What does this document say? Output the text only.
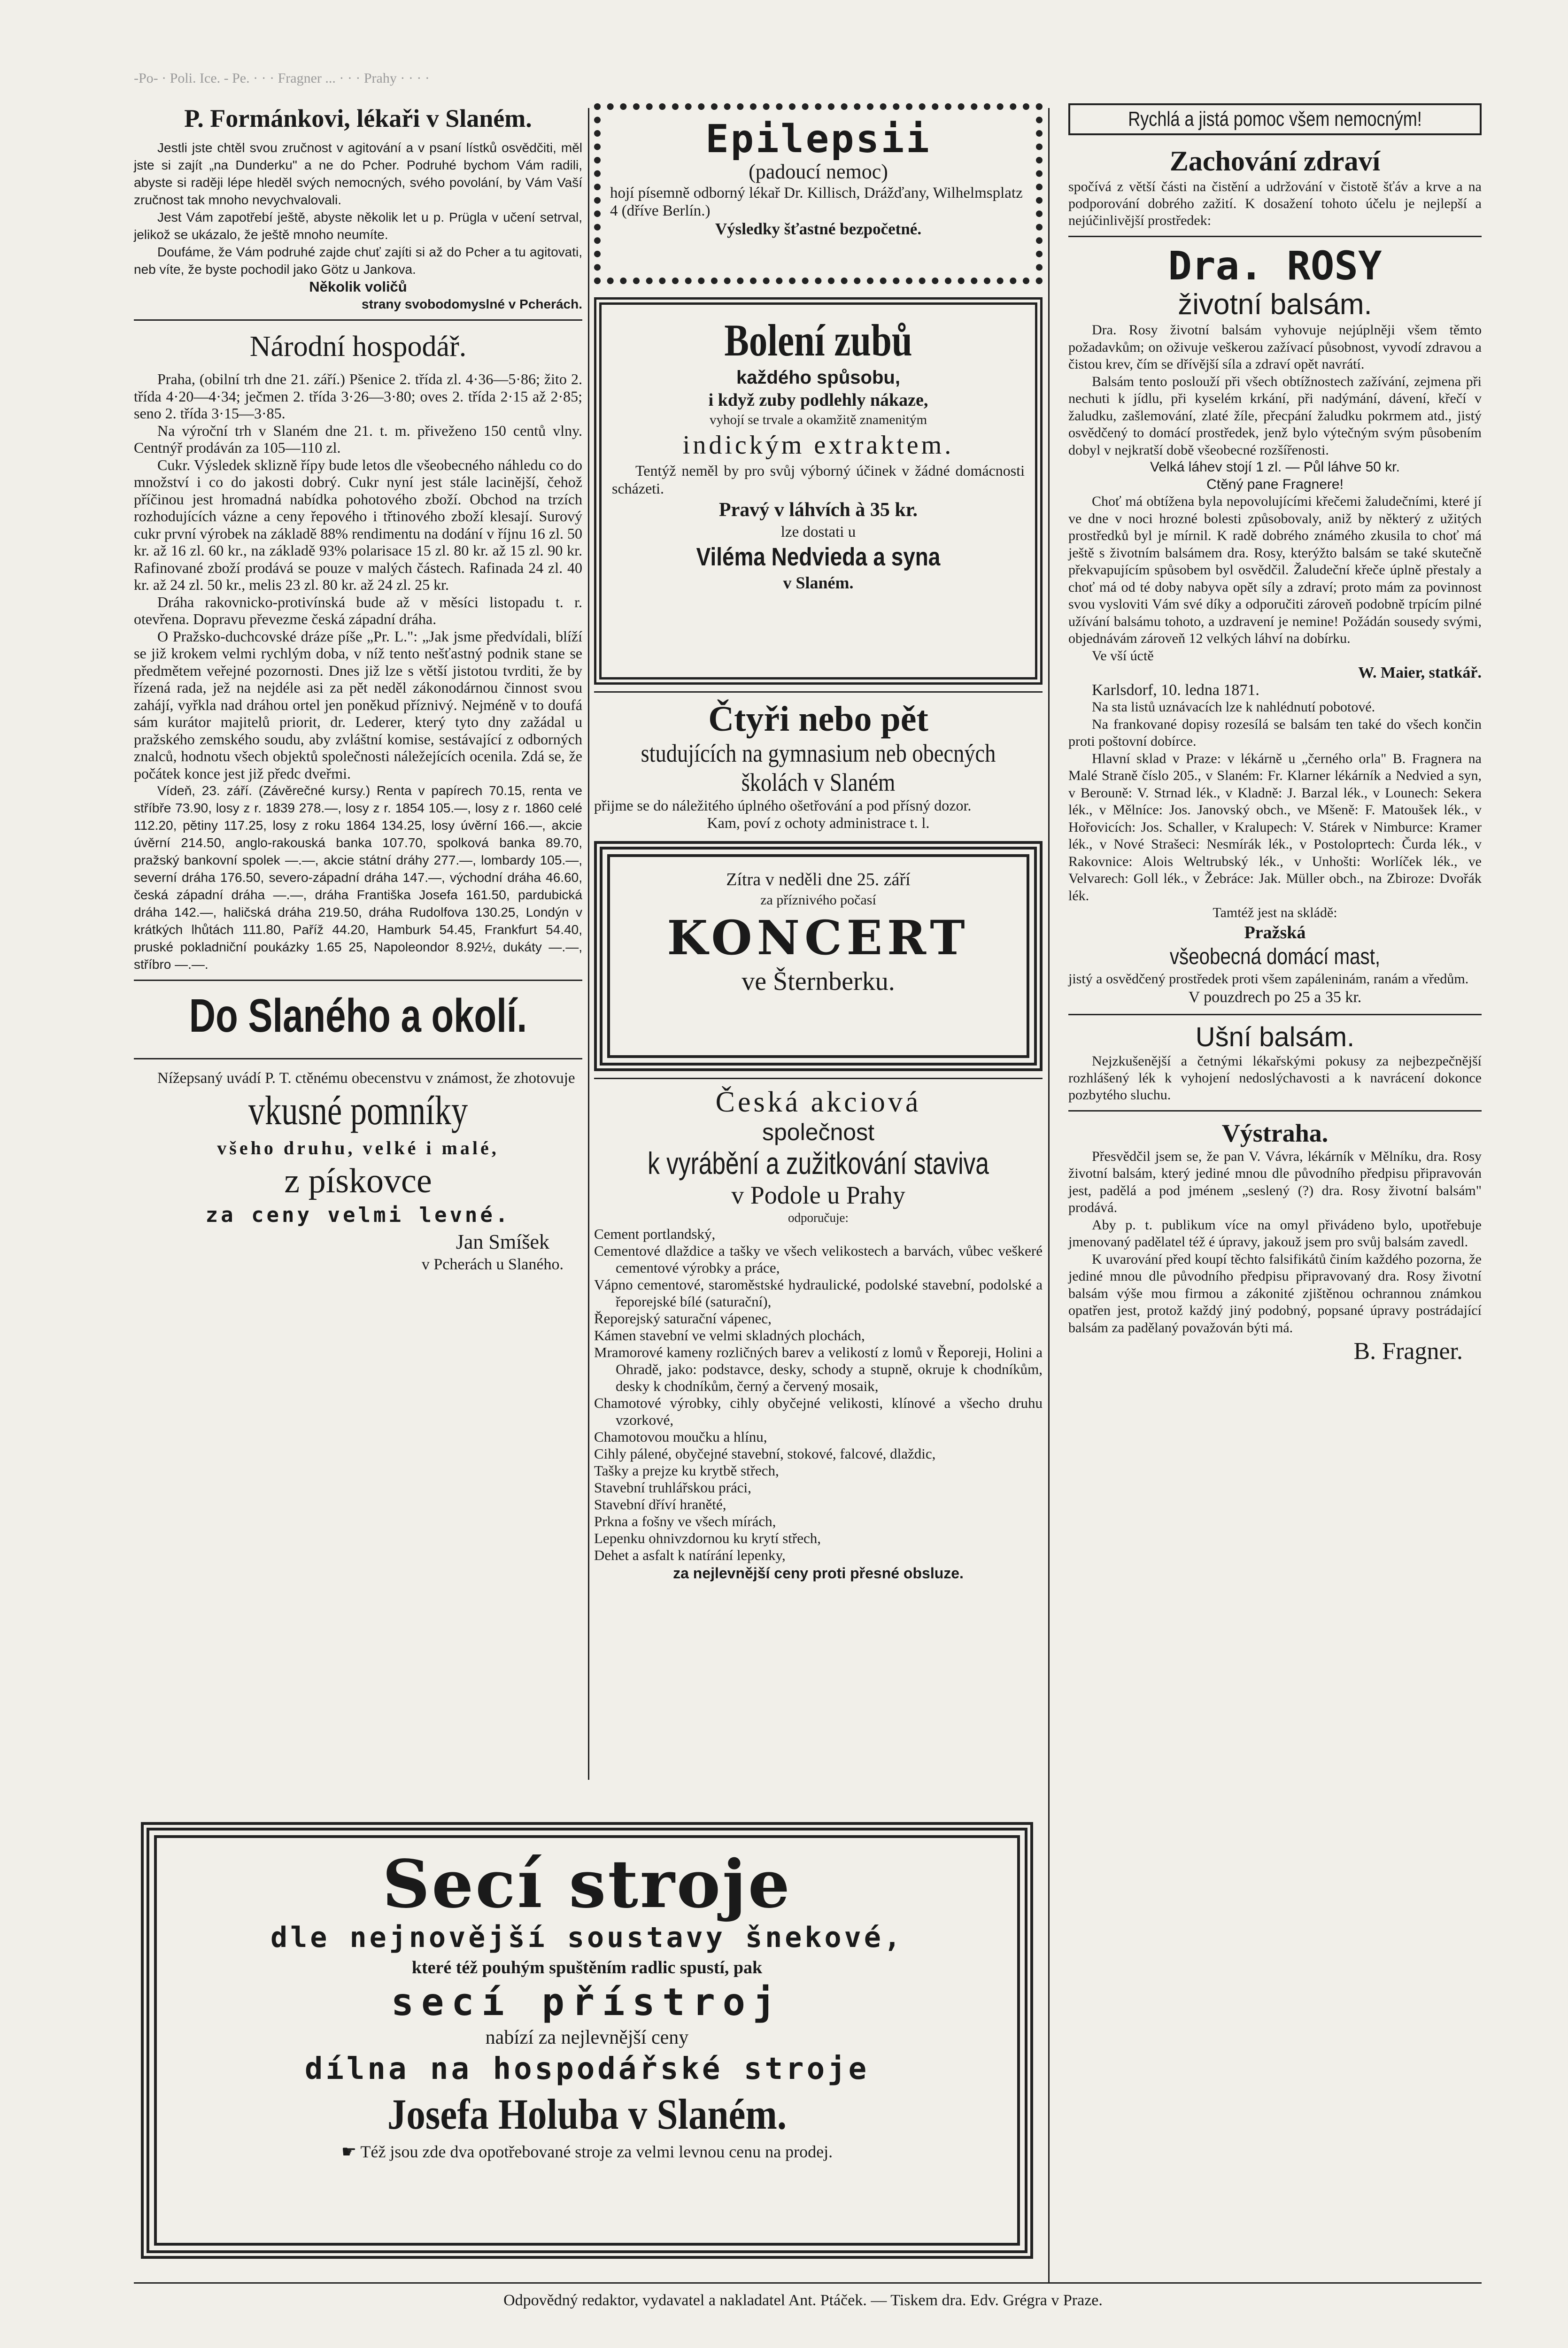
-Po- · Poli. Ice. - Pe. · · · Fragner ... · · · Prahy · · · ·

P. Formánkovi, lékaři v Slaném.

Jestli jste chtěl svou zručnost v agitování a v psaní lístků osvědčiti, měl jste si zajít „na Dunderku" a ne do Pcher. Podruhé bychom Vám radili, abyste si raději lépe hleděl svých nemocných, svého povolání, by Vám Vaší zručnost tak mnoho nevychvalovali.

Jest Vám zapotřebí ještě, abyste několik let u p. Prügla v učení setrval, jelikož se ukázalo, že ještě mnoho neumíte.

Doufáme, že Vám podruhé zajde chuť zajíti si až do Pcher a tu agitovati, neb víte, že byste pochodil jako Götz u Jankova.

Několik voličů

strany svobodomyslné v Pcherách.

Národní hospodář.

Praha, (obilní trh dne 21. září.) Pšenice 2. třída zl. 4·36—5·86; žito 2. třída 4·20—4·34; ječmen 2. třída 3·26—3·80; oves 2. třída 2·15 až 2·85; seno 2. třída 3·15—3·85.

Na výroční trh v Slaném dne 21. t. m. přiveženo 150 centů vlny. Centnýř prodáván za 105—110 zl.

Cukr. Výsledek sklizně řípy bude letos dle všeobecného náhledu co do množství i co do jakosti dobrý. Cukr nyní jest stále lacinější, čehož příčinou jest hromadná nabídka pohotového zboží. Obchod na trzích rozhodujících vázne a ceny řepového i třtinového zboží klesají. Surový cukr první výrobek na základě 88% rendimentu na dodání v říjnu 16 zl. 50 kr. až 16 zl. 60 kr., na základě 93% polarisace 15 zl. 80 kr. až 15 zl. 90 kr. Rafinované zboží prodává se pouze v malých částech. Rafinada 24 zl. 40 kr. až 24 zl. 50 kr., melis 23 zl. 80 kr. až 24 zl. 25 kr.

Dráha rakovnicko-protivínská bude až v měsíci listopadu t. r. otevřena. Dopravu převezme česká západní dráha.

O Pražsko-duchcovské dráze píše „Pr. L.": „Jak jsme předvídali, blíží se již krokem velmi rychlým doba, v níž tento nešťastný podnik stane se předmětem veřejné pozornosti. Dnes již lze s větší jistotou tvrditi, že by řízená rada, jež na nejdéle asi za pět neděl zákonodárnou činnost svou zahájí, vyřkla nad dráhou ortel jen poněkud příznivý. Nejméně v to doufá sám kurátor majitelů priorit, dr. Lederer, který tyto dny zažádal u pražského zemského soudu, aby zvláštní komise, sestávající z odborných znalců, hodnotu všech objektů společnosti náležejících ocenila. Zdá se, že počátek konce jest již předc dveřmi.

Vídeň, 23. září. (Závěrečné kursy.) Renta v papírech 70.15, renta ve stříbře 73.90, losy z r. 1839 278.—, losy z r. 1854 105.—, losy z r. 1860 celé 112.20, pětiny 117.25, losy z roku 1864 134.25, losy úvěrní 166.—, akcie úvěrní 214.50, anglo-rakouská banka 107.70, spolková banka 89.70, pražský bankovní spolek —.—, akcie státní dráhy 277.—, lombardy 105.—, severní dráha 176.50, severo-západní dráha 147.—, východní dráha 46.60, česká západní dráha —.—, dráha Františka Josefa 161.50, pardubická dráha 142.—, haličská dráha 219.50, dráha Rudolfova 130.25, Londýn v krátkých lhůtách 111.80, Paříž 44.20, Hamburk 54.45, Frankfurt 54.40, pruské pokladniční poukázky 1.65 25, Napoleondor 8.92½, dukáty —.—, stříbro —.—.

Do Slaného a okolí.

Nížepsaný uvádí P. T. ctěnému obecenstvu v známost, že zhotovuje

vkusné pomníky

všeho druhu, velké i malé,

z pískovce

za ceny velmi levné.

Jan Smíšek

v Pcherách u Slaného.

Epilepsii

(padoucí nemoc)

hojí písemně odborný lékař Dr. Killisch, Drážďany, Wilhelmsplatz 4 (dříve Berlín.)

Výsledky šťastné bezpočetné.

Bolení zubů

každého spůsobu,

i když zuby podlehly nákaze,

vyhojí se trvale a okamžitě znamenitým

indickým extraktem.

Tentýž neměl by pro svůj výborný účinek v žádné domácnosti scházeti.

Pravý v láhvích à 35 kr.

lze dostati u

Viléma Nedvieda a syna

v Slaném.

Čtyři nebo pět

studujících na gymnasium neb obecných školách v Slaném

přijme se do náležitého úplného ošetřování a pod přísný dozor.

Kam, poví z ochoty administrace t. l.

Zítra v neděli dne 25. září

za příznivého počasí

KONCERT

ve Šternberku.

Česká akciová

společnost

k vyrábění a zužitkování staviva

v Podole u Prahy

odporučuje:

Cement portlandský,

Cementové dlaždice a tašky ve všech velikostech a barvách, vůbec veškeré cementové výrobky a práce,

Vápno cementové, staroměstské hydraulické, podolské stavební, podolské a řeporejské bílé (saturační),

Řeporejský saturační vápenec,

Kámen stavební ve velmi skladných plochách,

Mramorové kameny rozličných barev a velikostí z lomů v Řeporeji, Holini a Ohradě, jako: podstavce, desky, schody a stupně, okruje k chodníkům, desky k chodníkům, černý a červený mosaik,

Chamotové výrobky, cihly obyčejné velikosti, klínové a všecho druhu vzorkové,

Chamotovou moučku a hlínu,

Cihly pálené, obyčejné stavební, stokové, falcové, dlaždic,

Tašky a prejze ku krytbě střech,

Stavební truhlářskou práci,

Stavební dříví hraněté,

Prkna a fošny ve všech mírách,

Lepenku ohnivzdornou ku krytí střech,

Dehet a asfalt k natírání lepenky,

za nejlevnější ceny proti přesné obsluze.

Rychlá a jistá pomoc všem nemocným!

Zachování zdraví

spočívá z větší části na čistění a udržování v čistotě šťáv a krve a na podporování dobrého zažití. K dosažení tohoto účelu je nejlepší a nejúčinlivější prostředek:

Dra. ROSY

životní balsám.

Dra. Rosy životní balsám vyhovuje nejúplněji všem těmto požadavkům; on oživuje veškerou zažívací působnost, vyvodí zdravou a čistou krev, čím se dřívější síla a zdraví opět navrátí.

Balsám tento poslouží při všech obtížnostech zažívání, zejmena při nechuti k jídlu, při kyselém krkání, při nadýmání, dávení, křečí v žaludku, zašlemování, zlaté žíle, přecpání žaludku pokrmem atd., jistý osvědčený to domácí prostředek, jenž bylo výtečným svým působením dobyl v nejkratší době všeobecné rozšířenosti.

Velká láhev stojí 1 zl. — Půl láhve 50 kr.

Ctěný pane Fragnere!

Choť má obtížena byla nepovolujícími křečemi žaludečními, které jí ve dne v noci hrozné bolesti způsobovaly, aniž by některý z užitých prostředků byl je mírnil. K radě dobrého známého zkusila to choť má ještě s životním balsámem dra. Rosy, kterýžto balsám se také skutečně překvapujícím spůsobem byl osvědčil. Žaludeční křeče úplně přestaly a choť má od té doby nabyva opět síly a zdraví; proto mám za povinnost svou vysloviti Vám své díky a odporučiti zároveň podobně trpícím pilné užívání balsámu tohoto, a uzdravení je nemine! Požádán sousedy svými, objednávám zároveň 12 velkých láhví na dobírku.

Ve vší úctě

W. Maier, statkář.

Karlsdorf, 10. ledna 1871.

Na sta listů uznávacích lze k nahlédnutí pobotové.

Na frankované dopisy rozesílá se balsám ten také do všech končin proti poštovní dobírce.

Hlavní sklad v Praze: v lékárně u „černého orla" B. Fragnera na Malé Straně číslo 205., v Slaném: Fr. Klarner lékárník a Nedvied a syn, v Berouně: V. Strnad lék., v Kladně: J. Barzal lék., v Lounech: Sekera lék., v Mělníce: Jos. Janovský obch., ve Mšeně: F. Matoušek lék., v Hořovicích: Jos. Schaller, v Kralupech: V. Stárek v Nimburce: Kramer lék., v Nové Strašeci: Nesmírák lék., v Postoloprtech: Čurda lék., v Rakovnice: Alois Weltrubský lék., v Unhošti: Worlíček lék., ve Velvarech: Goll lék., v Žebráce: Jak. Müller obch., na Zbiroze: Dvořák lék.

Tamtéž jest na skládě:

Pražská

všeobecná domácí mast,

jistý a osvědčený prostředek proti všem zapáleninám, ranám a vředům.

V pouzdrech po 25 a 35 kr.

Ušní balsám.

Nejzkušenější a četnými lékařskými pokusy za nejbezpečnější rozhlášený lék k vyhojení nedoslýchavosti a k navrácení dokonce pozbytého sluchu.

Výstraha.

Přesvědčil jsem se, že pan V. Vávra, lékárník v Mělníku, dra. Rosy životní balsám, který jediné mnou dle původního předpisu připravován jest, padělá a pod jménem „seslený (?) dra. Rosy životní balsám" prodává.

Aby p. t. publikum více na omyl přivádeno bylo, upotřebuje jmenovaný padělatel též é úpravy, jakouž jsem pro svůj balsám zavedl.

K uvarování před koupí těchto falsifikátů činím každého pozorna, že jediné mnou dle původního předpisu připravovaný dra. Rosy životní balsám výše mou firmou a zákonité zjištěnou ochrannou známkou opatřen jest, protož každý jiný podobný, popsané úpravy postrádající balsám za padělaný považován býti má.

B. Fragner.

Secí stroje

dle nejnovější soustavy šnekové,

které též pouhým spuštěním radlic spustí, pak

secí přístroj

nabízí za nejlevnější ceny

dílna na hospodářské stroje

Josefa Holuba v Slaném.

☛ Též jsou zde dva opotřebované stroje za velmi levnou cenu na prodej.

Odpovědný redaktor, vydavatel a nakladatel Ant. Ptáček. — Tiskem dra. Edv. Grégra v Praze.
